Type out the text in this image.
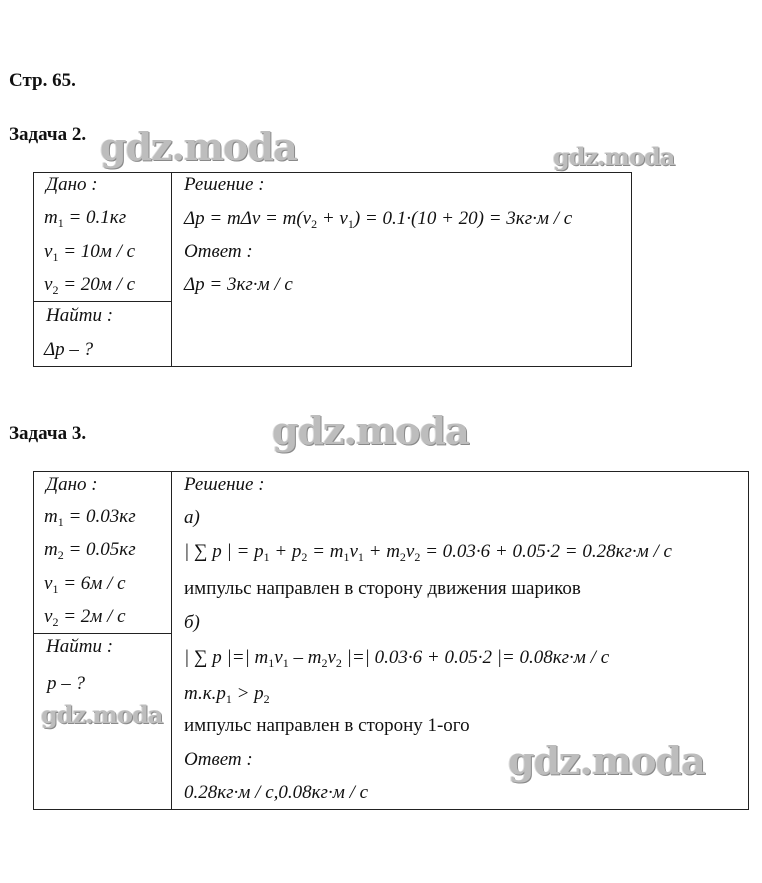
Стр. 65.
Задача 2.
Дано :
$m_1 = 0.1кг$
$v_1 = 10м / с$
$v_2 = 20м / с$
Найти :
Δp – ?
Решение :
$\Delta p = m\Delta v = m(v_2 + v_1) = 0.1\cdot(10 + 20) = 3кг\cdot м / с$
Ответ :
Δp = 3кг·м / с
Задача 3.
Дано :
$m_1 = 0.03кг$
$m_2 = 0.05кг$
$v_1 = 6м / с$
$v_2 = 2м / с$
Найти :
p – ?
Решение :
а)
| ∑ p | = $p_1 + p_2 = m_1v_1 + m_2v_2 = 0.03\cdot 6 + 0.05\cdot 2 = 0.28кг\cdot м / с$
импульс направлен в сторону движения шариков
б)
| ∑ p |=| $m_1v_1 - m_2v_2$ |=| 0.03·6 + 0.05·2 |= 0.08кг·м / с
$т.к.p_1 > p_2$
импульс направлен в сторону 1-ого
Ответ :
0.28кг·м / с,0.08кг·м / с
gdz.moda	gdz.moda
gdz.moda
gdz.moda
gdz.moda
